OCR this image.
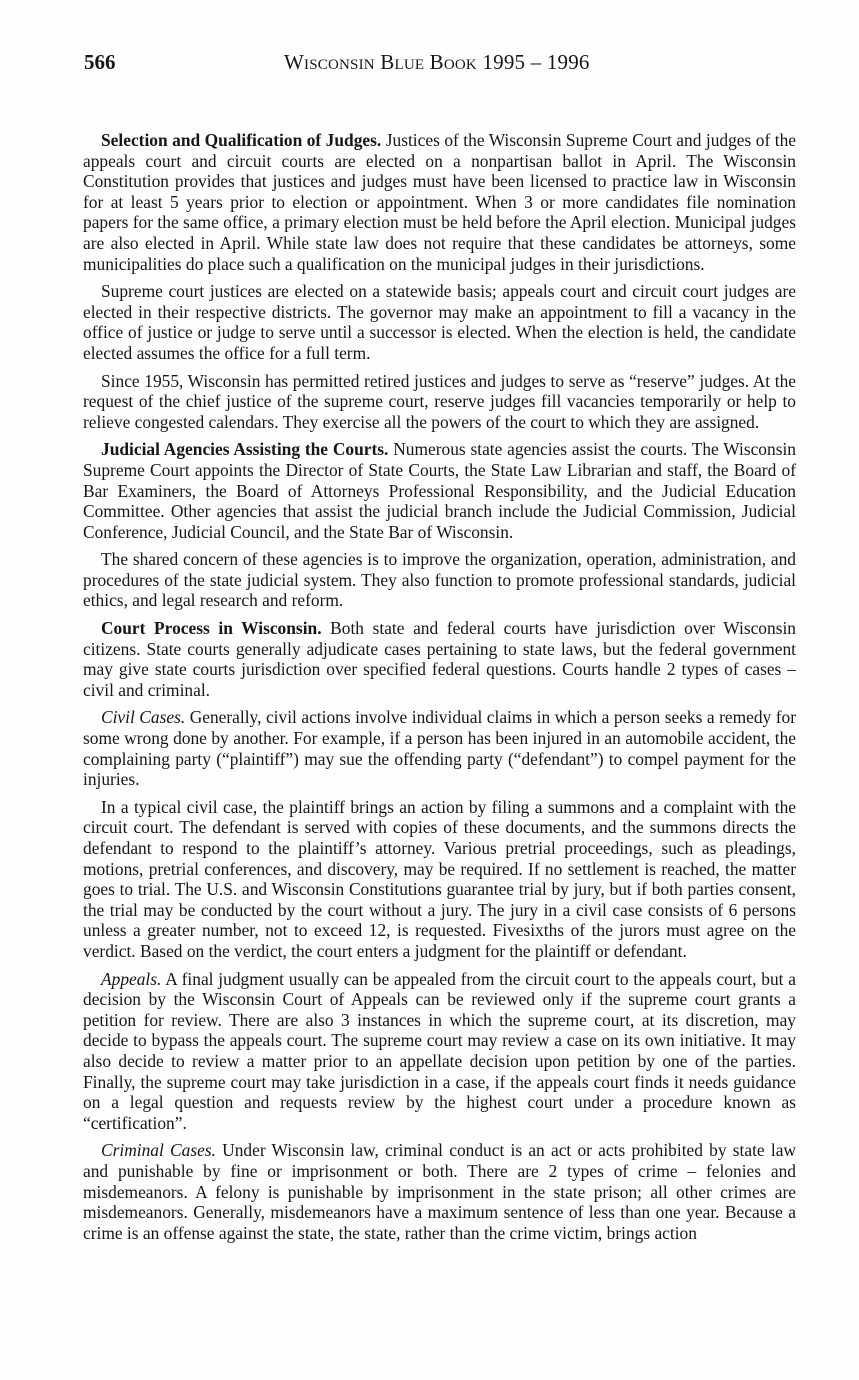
566	Wisconsin Blue Book 1995 – 1996

Selection and Qualification of Judges. Justices of the Wisconsin Supreme Court and judges of the appeals court and circuit courts are elected on a nonpartisan ballot in April. The Wisconsin Constitution provides that justices and judges must have been licensed to practice law in Wisconsin for at least 5 years prior to election or appointment. When 3 or more candidates file nomination papers for the same office, a primary election must be held before the April election. Municipal judges are also elected in April. While state law does not require that these candidates be attorneys, some municipalities do place such a qualification on the municipal judges in their jurisdictions.

Supreme court justices are elected on a statewide basis; appeals court and circuit court judges are elected in their respective districts. The governor may make an appointment to fill a vacancy in the office of justice or judge to serve until a successor is elected. When the election is held, the candidate elected assumes the office for a full term.

Since 1955, Wisconsin has permitted retired justices and judges to serve as “reserve” judges. At the request of the chief justice of the supreme court, reserve judges fill vacancies temporarily or help to relieve congested calendars. They exercise all the powers of the court to which they are assigned.

Judicial Agencies Assisting the Courts. Numerous state agencies assist the courts. The Wisconsin Supreme Court appoints the Director of State Courts, the State Law Librarian and staff, the Board of Bar Examiners, the Board of Attorneys Professional Responsibility, and the Judicial Education Committee. Other agencies that assist the judicial branch include the Judicial Commission, Judicial Conference, Judicial Council, and the State Bar of Wisconsin.

The shared concern of these agencies is to improve the organization, operation, administration, and procedures of the state judicial system. They also function to promote professional standards, judicial ethics, and legal research and reform.

Court Process in Wisconsin. Both state and federal courts have jurisdiction over Wisconsin citizens. State courts generally adjudicate cases pertaining to state laws, but the federal government may give state courts jurisdiction over specified federal questions. Courts handle 2 types of cases – civil and criminal.

Civil Cases. Generally, civil actions involve individual claims in which a person seeks a remedy for some wrong done by another. For example, if a person has been injured in an automobile accident, the complaining party (“plaintiff”) may sue the offending party (“defendant”) to compel payment for the injuries.

In a typical civil case, the plaintiff brings an action by filing a summons and a complaint with the circuit court. The defendant is served with copies of these documents, and the summons directs the defendant to respond to the plaintiff’s attorney. Various pretrial proceedings, such as pleadings, motions, pretrial conferences, and discovery, may be required. If no settlement is reached, the matter goes to trial. The U.S. and Wisconsin Constitutions guarantee trial by jury, but if both parties consent, the trial may be conducted by the court without a jury. The jury in a civil case consists of 6 persons unless a greater number, not to exceed 12, is requested. Fivesixths of the jurors must agree on the verdict. Based on the verdict, the court enters a judgment for the plaintiff or defendant.

Appeals. A final judgment usually can be appealed from the circuit court to the appeals court, but a decision by the Wisconsin Court of Appeals can be reviewed only if the supreme court grants a petition for review. There are also 3 instances in which the supreme court, at its discretion, may decide to bypass the appeals court. The supreme court may review a case on its own initiative. It may also decide to review a matter prior to an appellate decision upon petition by one of the parties. Finally, the supreme court may take jurisdiction in a case, if the appeals court finds it needs guidance on a legal question and requests review by the highest court under a procedure known as “certification”.

Criminal Cases. Under Wisconsin law, criminal conduct is an act or acts prohibited by state law and punishable by fine or imprisonment or both. There are 2 types of crime – felonies and misdemeanors. A felony is punishable by imprisonment in the state prison; all other crimes are misdemeanors. Generally, misdemeanors have a maximum sentence of less than one year. Because a crime is an offense against the state, the state, rather than the crime victim, brings action
